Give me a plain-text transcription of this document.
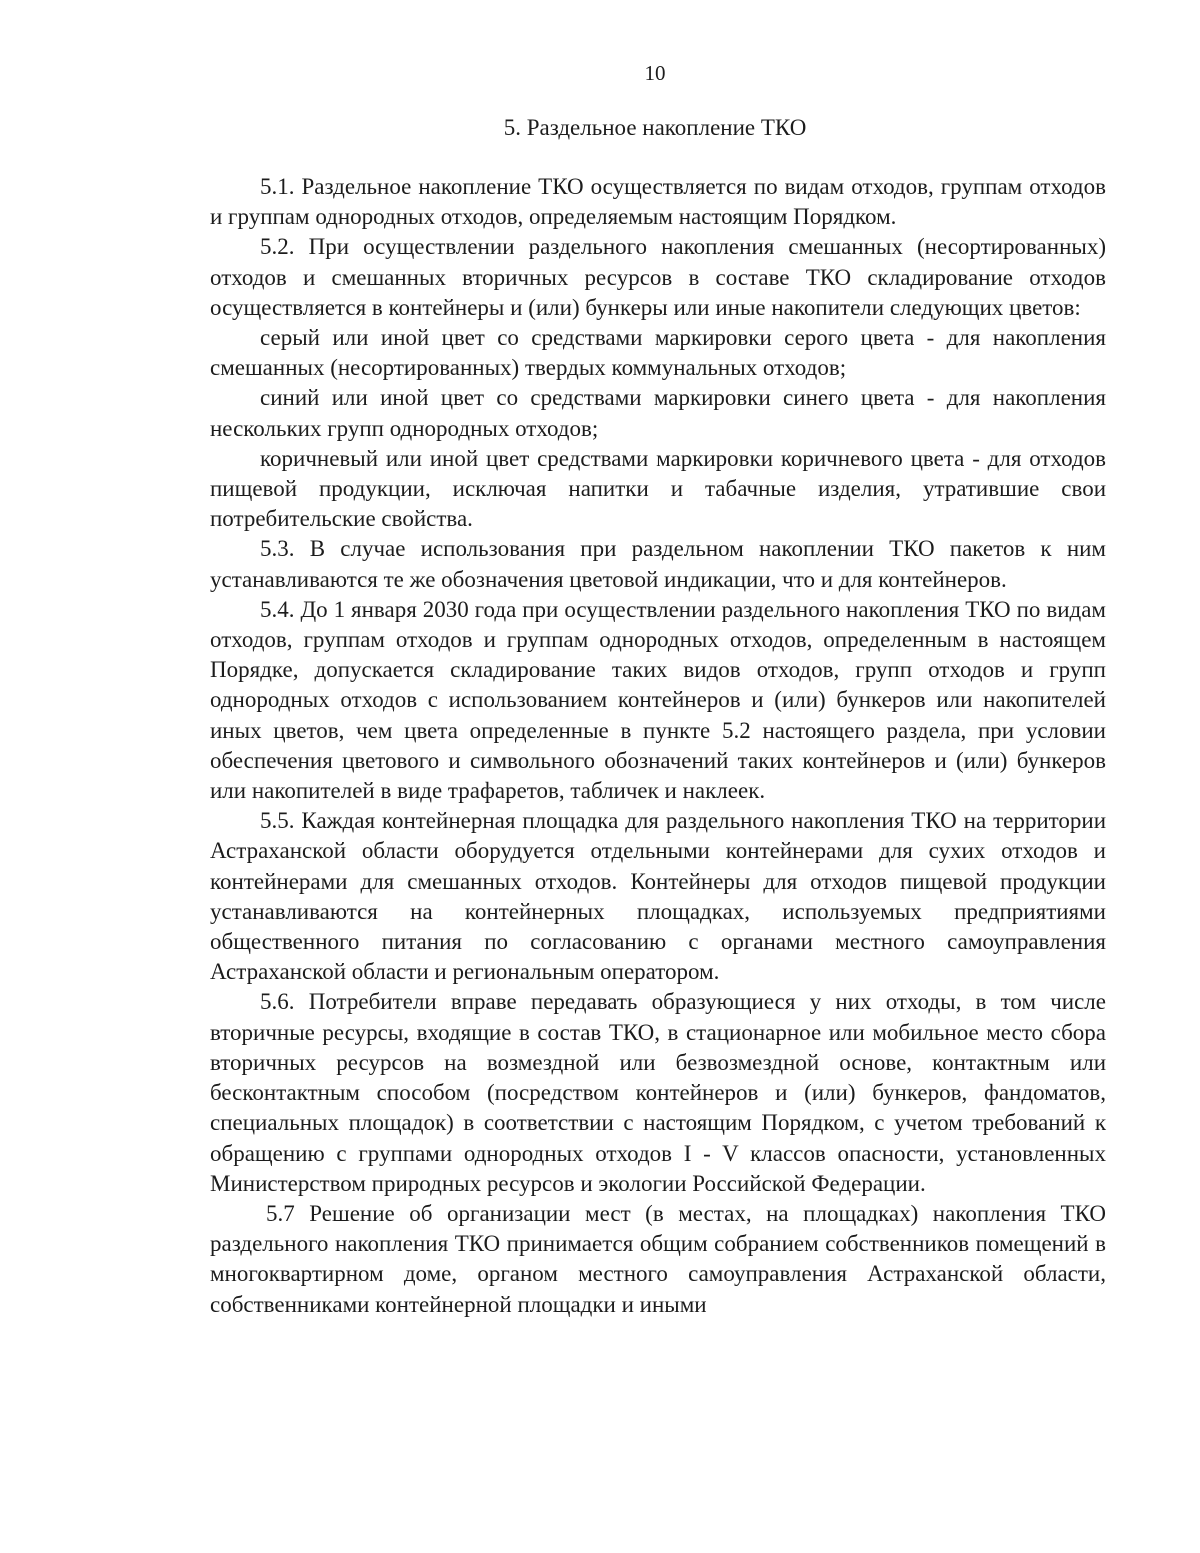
10
5. Раздельное накопление ТКО

5.1. Раздельное накопление ТКО осуществляется по видам отходов, группам отходов и группам однородных отходов, определяемым настоящим Порядком.

5.2. При осуществлении раздельного накопления смешанных (несортированных) отходов и смешанных вторичных ресурсов в составе ТКО складирование отходов осуществляется в контейнеры и (или) бункеры или иные накопители следующих цветов:

серый или иной цвет со средствами маркировки серого цвета - для накопления смешанных (несортированных) твердых коммунальных отходов;

синий или иной цвет со средствами маркировки синего цвета - для накопления нескольких групп однородных отходов;

коричневый или иной цвет средствами маркировки коричневого цвета - для отходов пищевой продукции, исключая напитки и табачные изделия, утратившие свои потребительские свойства.

5.3. В случае использования при раздельном накоплении ТКО пакетов к ним устанавливаются те же обозначения цветовой индикации, что и для контейнеров.

5.4. До 1 января 2030 года при осуществлении раздельного накопления ТКО по видам отходов, группам отходов и группам однородных отходов, определенным в настоящем Порядке, допускается складирование таких видов отходов, групп отходов и групп однородных отходов с использованием контейнеров и (или) бункеров или накопителей иных цветов, чем цвета определенные в пункте 5.2 настоящего раздела, при условии обеспечения цветового и символьного обозначений таких контейнеров и (или) бункеров или накопителей в виде трафаретов, табличек и наклеек.

5.5. Каждая контейнерная площадка для раздельного накопления ТКО на территории Астраханской области оборудуется отдельными контейнерами для сухих отходов и контейнерами для смешанных отходов. Контейнеры для отходов пищевой продукции устанавливаются на контейнерных площадках, используемых предприятиями общественного питания по согласованию с органами местного самоуправления Астраханской области и региональным оператором.

5.6. Потребители вправе передавать образующиеся у них отходы, в том числе вторичные ресурсы, входящие в состав ТКО, в стационарное или мобильное место сбора вторичных ресурсов на возмездной или безвозмездной основе, контактным или бесконтактным способом (посредством контейнеров и (или) бункеров, фандоматов, специальных площадок) в соответствии с настоящим Порядком, с учетом требований к обращению с группами однородных отходов I - V классов опасности, установленных Министерством природных ресурсов и экологии Российской Федерации.

5.7 Решение об организации мест (в местах, на площадках) накопления ТКО раздельного накопления ТКО принимается общим собранием собственников помещений в многоквартирном доме, органом местного самоуправления Астраханской области, собственниками контейнерной площадки и иными
